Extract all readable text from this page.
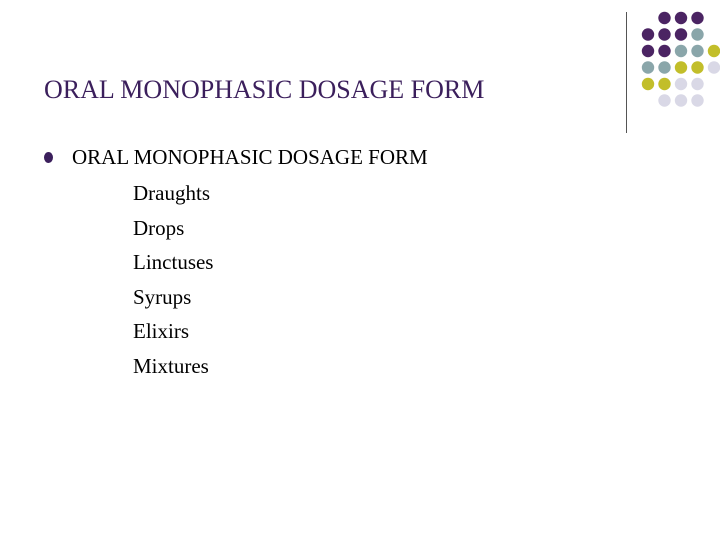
ORAL MONOPHASIC DOSAGE FORM
ORAL MONOPHASIC DOSAGE FORM
Draughts
Drops
Linctuses
Syrups
Elixirs
Mixtures
